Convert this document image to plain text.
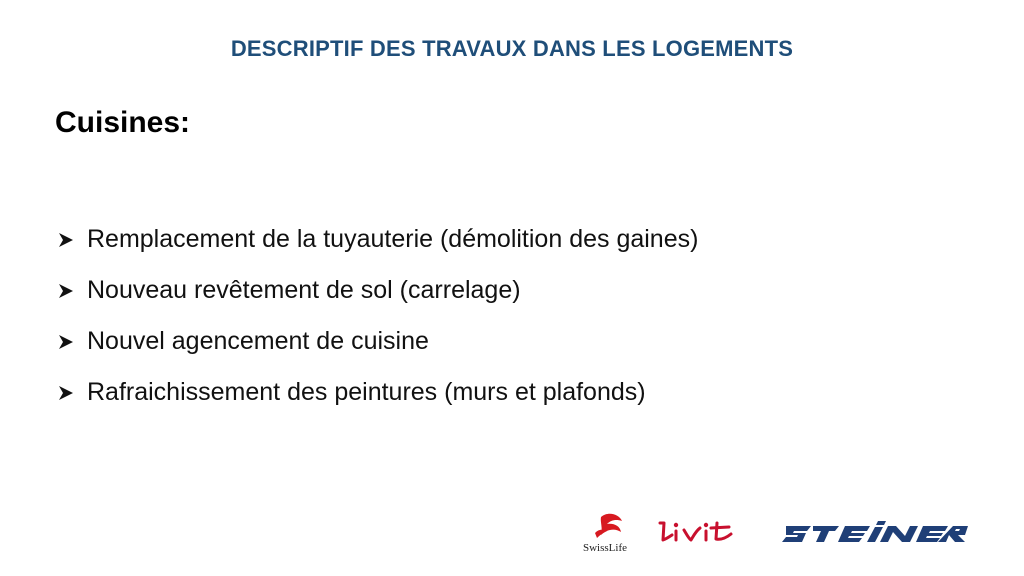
DESCRIPTIF DES TRAVAUX DANS LES LOGEMENTS
Cuisines:
Remplacement de la tuyauterie (démolition des gaines)
Nouveau revêtement de sol (carrelage)
Nouvel agencement de cuisine
Rafraichissement des peintures (murs et plafonds)
SwissLife
